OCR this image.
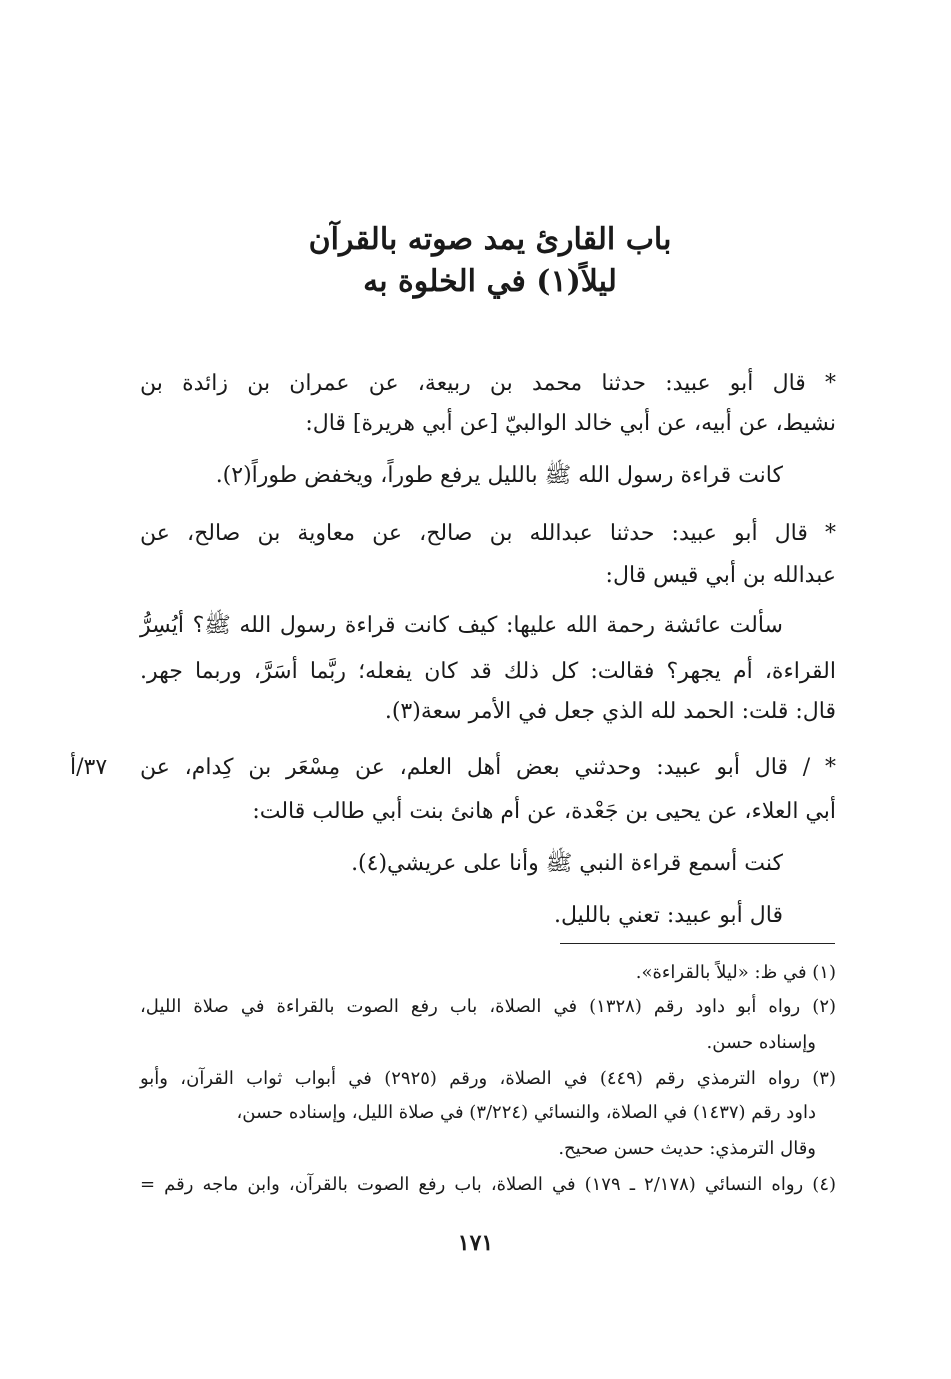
باب القارئ يمد صوته بالقرآن
ليلاً(١) في الخلوة به
* قال أبو عبيد: حدثنا محمد بن ربيعة، عن عمران بن زائدة بن
نشيط، عن أبيه، عن أبي خالد الوالبيّ [عن أبي هريرة] قال:
كانت قراءة رسول الله ﷺ بالليل يرفع طوراً، ويخفض طوراً(٢).
* قال أبو عبيد: حدثنا عبدالله بن صالح، عن معاوية بن صالح، عن
عبدالله بن أبي قيس قال:
سألت عائشة رحمة الله عليها: كيف كانت قراءة رسول الله ﷺ؟ أيُسِرُّ
القراءة، أم يجهر؟ فقالت: كل ذلك قد كان يفعله؛ ربَّما أسَرَّ، وربما جهر.
قال: قلت: الحمد لله الذي جعل في الأمر سعة(٣).
* / قال أبو عبيد: وحدثني بعض أهل العلم، عن مِسْعَر بن كِدام، عن
٣٧/أ
أبي العلاء، عن يحيى بن جَعْدة، عن أم هانئ بنت أبي طالب قالت:
كنت أسمع قراءة النبي ﷺ وأنا على عريشي(٤).
قال أبو عبيد: تعني بالليل.
(١) في ظ: «ليلاً بالقراءة».
(٢) رواه أبو داود رقم (١٣٢٨) في الصلاة، باب رفع الصوت بالقراءة في صلاة الليل،
وإسناده حسن.
(٣) رواه الترمذي رقم (٤٤٩) في الصلاة، ورقم (٢٩٢٥) في أبواب ثواب القرآن، وأبو
داود رقم (١٤٣٧) في الصلاة، والنسائي (٣/٢٢٤) في صلاة الليل، وإسناده حسن،
وقال الترمذي: حديث حسن صحيح.
(٤) رواه النسائي (٢/١٧٨ ـ ١٧٩) في الصلاة، باب رفع الصوت بالقرآن، وابن ماجه رقم =
١٧١
